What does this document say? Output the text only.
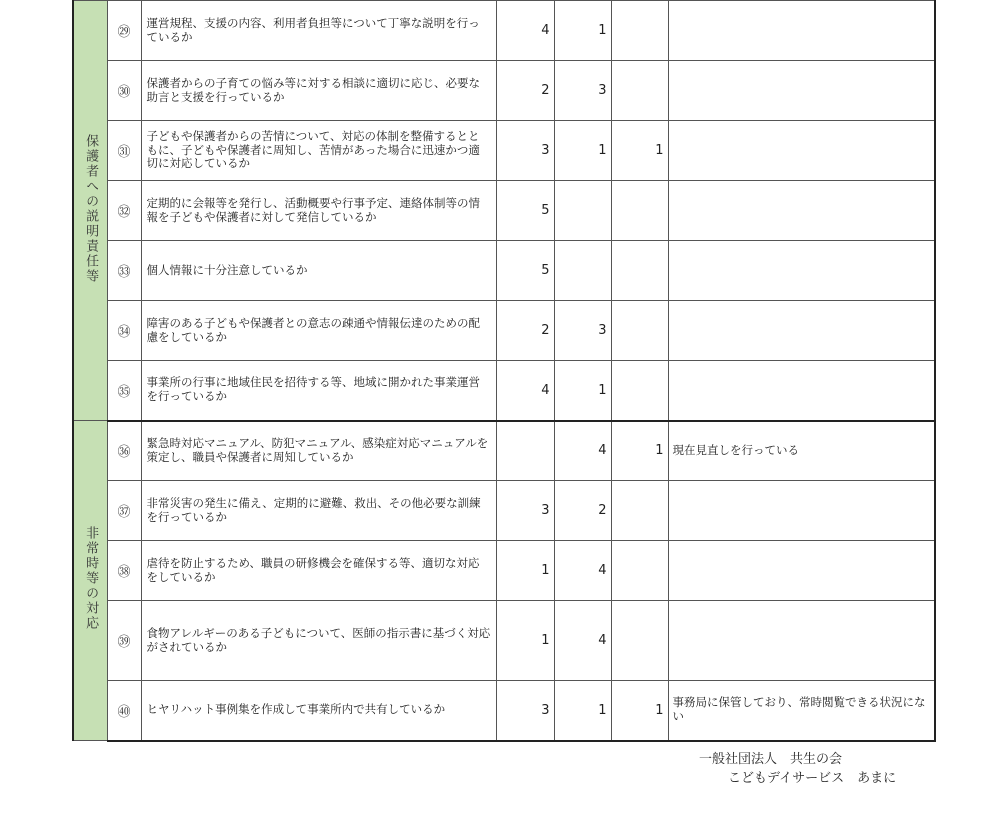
保護者への説明責任等	㉙	運営規程、支援の内容、利用者負担等について丁寧な説明を行っているか	4	1		
	㉚	保護者からの子育ての悩み等に対する相談に適切に応じ、必要な助言と支援を行っているか	2	3		
	㉛	子どもや保護者からの苦情について、対応の体制を整備するとともに、子どもや保護者に周知し、苦情があった場合に迅速かつ適切に対応しているか	3	1	1	
	㉜	定期的に会報等を発行し、活動概要や行事予定、連絡体制等の情報を子どもや保護者に対して発信しているか	5			
	㉝	個人情報に十分注意しているか	5			
	㉞	障害のある子どもや保護者との意志の疎通や情報伝達のための配慮をしているか	2	3		
	㉟	事業所の行事に地域住民を招待する等、地域に開かれた事業運営を行っているか	4	1		
非常時等の対応	㊱	緊急時対応マニュアル、防犯マニュアル、感染症対応マニュアルを策定し、職員や保護者に周知しているか		4	1	現在見直しを行っている
	㊲	非常災害の発生に備え、定期的に避難、救出、その他必要な訓練を行っているか	3	2		
	㊳	虐待を防止するため、職員の研修機会を確保する等、適切な対応をしているか	1	4		
	㊴	食物アレルギーのある子どもについて、医師の指示書に基づく対応がされているか	1	4		
	㊵	ヒヤリハット事例集を作成して事業所内で共有しているか	3	1	1	事務局に保管しており、常時閲覧できる状況にない
一般社団法人　共生の会
こどもデイサービス　あまに
